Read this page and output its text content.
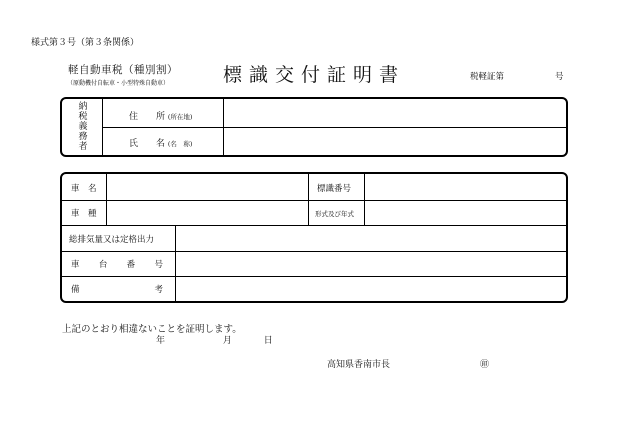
様式第３号（第３条関係）
軽自動車税（種別割）
（原動機付自転車・小型特殊自動車）	標識交付証明書	税軽証第	号
納
税
義
務
者
住　　所 (所在地)
氏　　名 (名　称)
車　名	標識番号
車　種	形式及び年式
総排気量又は定格出力
車 台 番 号
備	考
上記のとおり相違ないことを証明します。
年	月	日
高知県香南市長	㊞
